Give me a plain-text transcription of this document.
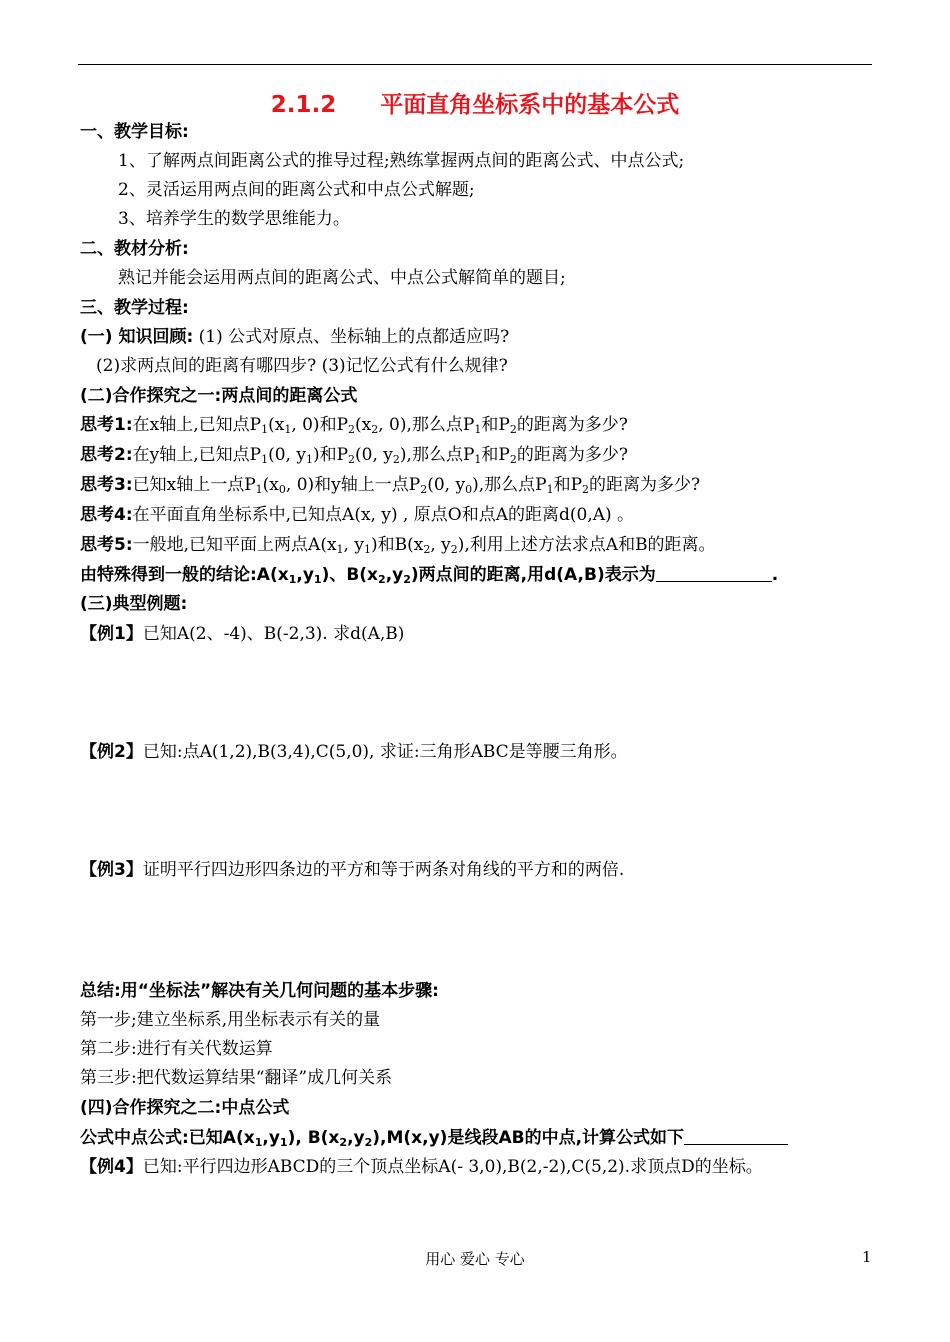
2.1.2 平面直角坐标系中的基本公式
一、教学目标:
1、了解两点间距离公式的推导过程;熟练掌握两点间的距离公式、中点公式;
2、灵活运用两点间的距离公式和中点公式解题;
3、培养学生的数学思维能力。
二、教材分析:
熟记并能会运用两点间的距离公式、中点公式解简单的题目;
三、教学过程:
(一) 知识回顾: (1) 公式对原点、坐标轴上的点都适应吗?
(2)求两点间的距离有哪四步? (3)记忆公式有什么规律?
(二)合作探究之一:两点间的距离公式
思考1:在x轴上,已知点$P_1(x_1$, 0)和$P_2(x_2$, 0),那么点$P_1$和$P_2$的距离为多少?
思考2:在y轴上,已知点$P_1(0$, $y_1$)和$P_2(0$, $y_2$),那么点$P_1$和$P_2$的距离为多少?
思考3:已知x轴上一点$P_1(x_0$, 0)和y轴上一点$P_2(0$, $y_0$),那么点$P_1$和$P_2$的距离为多少?
思考4:在平面直角坐标系中,已知点A(x, y) , 原点O和点A的距离d(0,A) 。
思考5:一般地,已知平面上两点$A(x_1$, $y_1$)和$B(x_2$, $y_2$),利用上述方法求点A和B的距离。
由特殊得到一般的结论$:A(x_1,y_1)$、$B(x_2,y_2)$两点间的距离,用d(A,B)表示为	.
(三)典型例题:
【例1】已知A(2、-4)、B(-2,3). 求d(A,B)
【例2】已知:点A(1,2),B(3,4),C(5,0), 求证:三角形ABC是等腰三角形。
【例3】证明平行四边形四条边的平方和等于两条对角线的平方和的两倍.
总结:用“坐标法”解决有关几何问题的基本步骤:
第一步;建立坐标系,用坐标表示有关的量
第二步:进行有关代数运算
第三步:把代数运算结果“翻译”成几何关系
(四)合作探究之二:中点公式
公式中点公式:已知$A(x_1,y_1)$, $B(x_2,y_2),M(x,y)$是线段AB的中点,计算公式如下
【例4】已知:平行四边形ABCD的三个顶点坐标A(- 3,0),B(2,-2),C(5,2).求顶点D的坐标。
用心 爱心 专心	1
